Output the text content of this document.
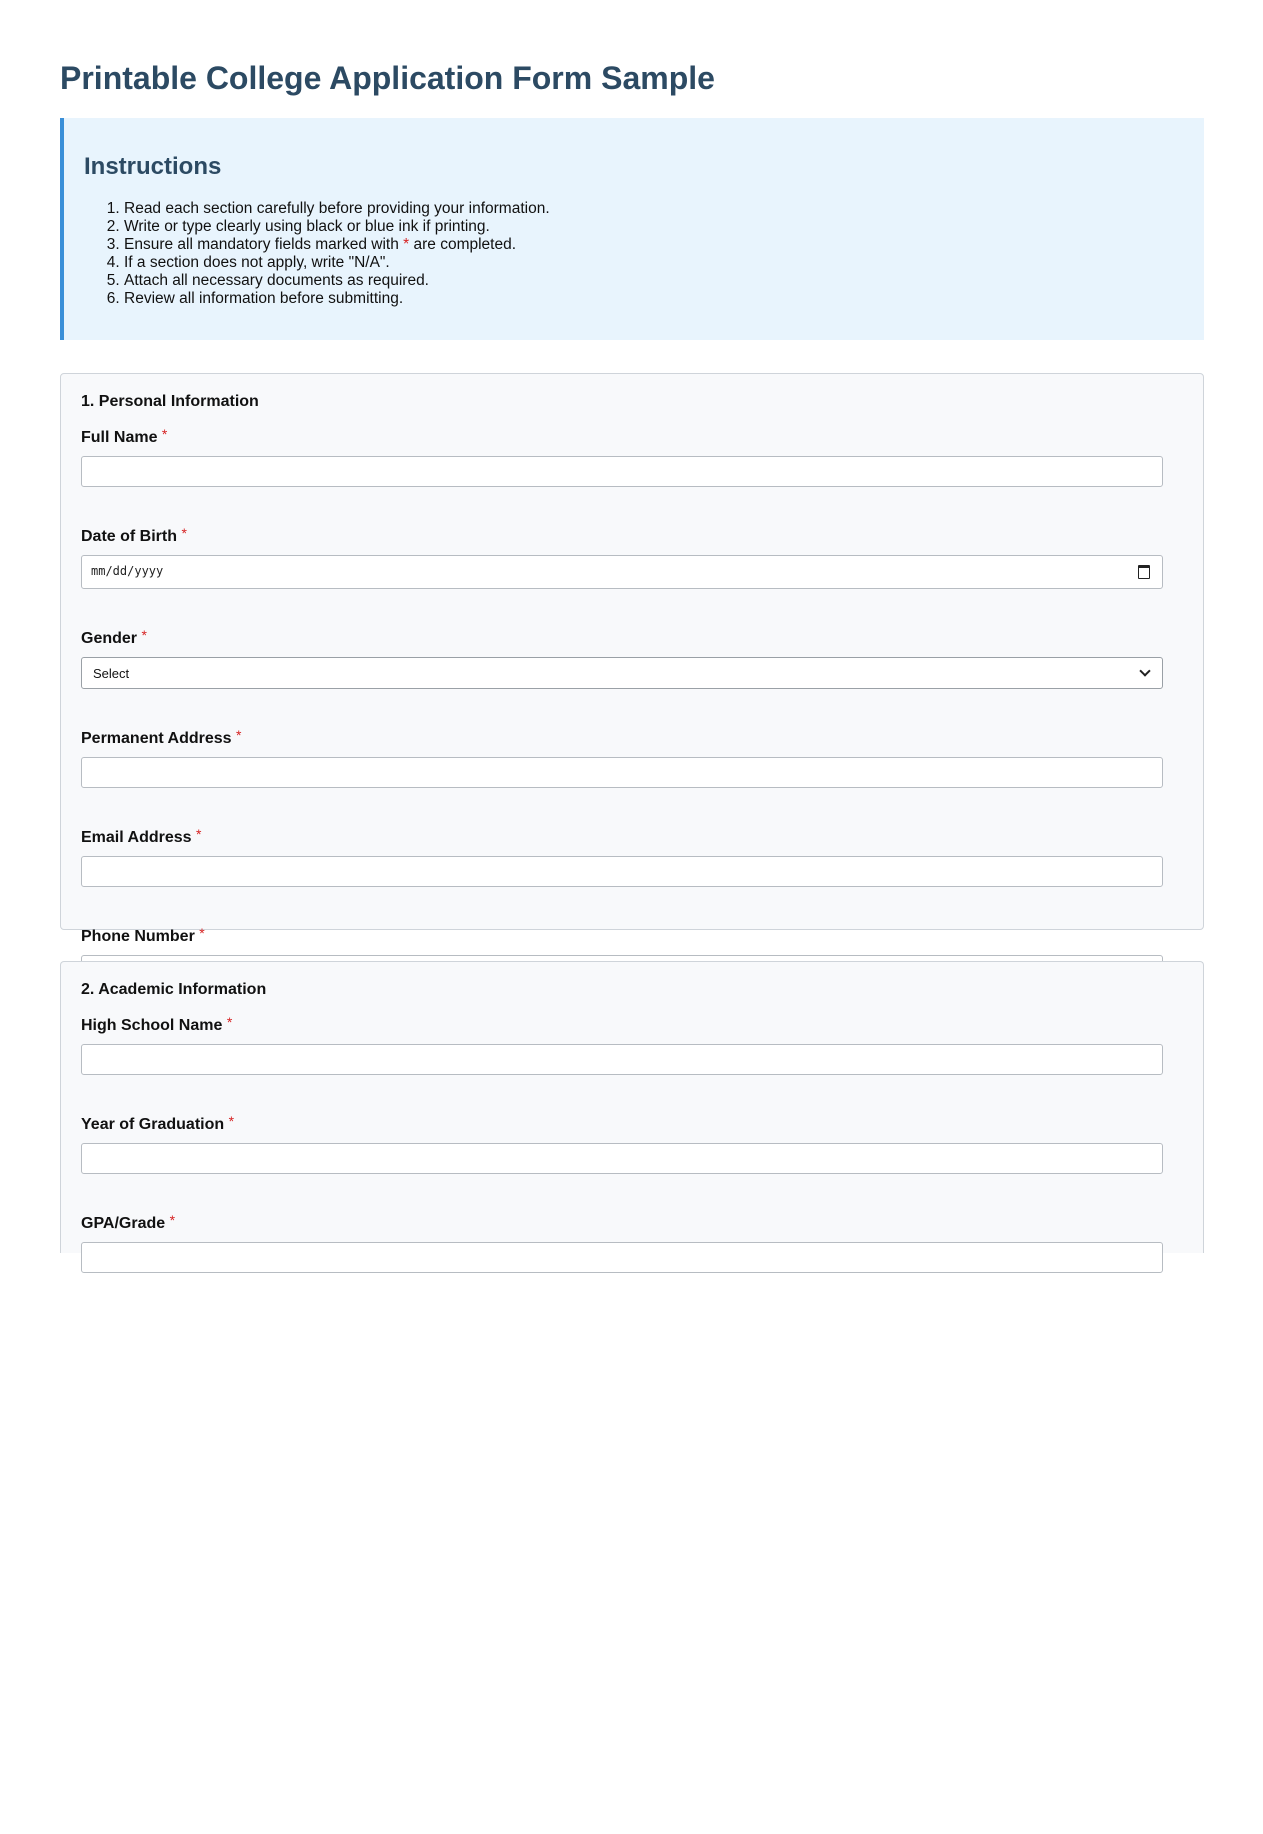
Printable College Application Form Sample
Instructions
1. Read each section carefully before providing your information.
2. Write or type clearly using black or blue ink if printing.
3. Ensure all mandatory fields marked with * are completed.
4. If a section does not apply, write "N/A".
5. Attach all necessary documents as required.
6. Review all information before submitting.
1. Personal Information
Full Name *
Date of Birth *
mm/dd/yyyy
Gender *
Select
Permanent Address *
Email Address *
Phone Number *
2. Academic Information
High School Name *
Year of Graduation *
GPA/Grade *
